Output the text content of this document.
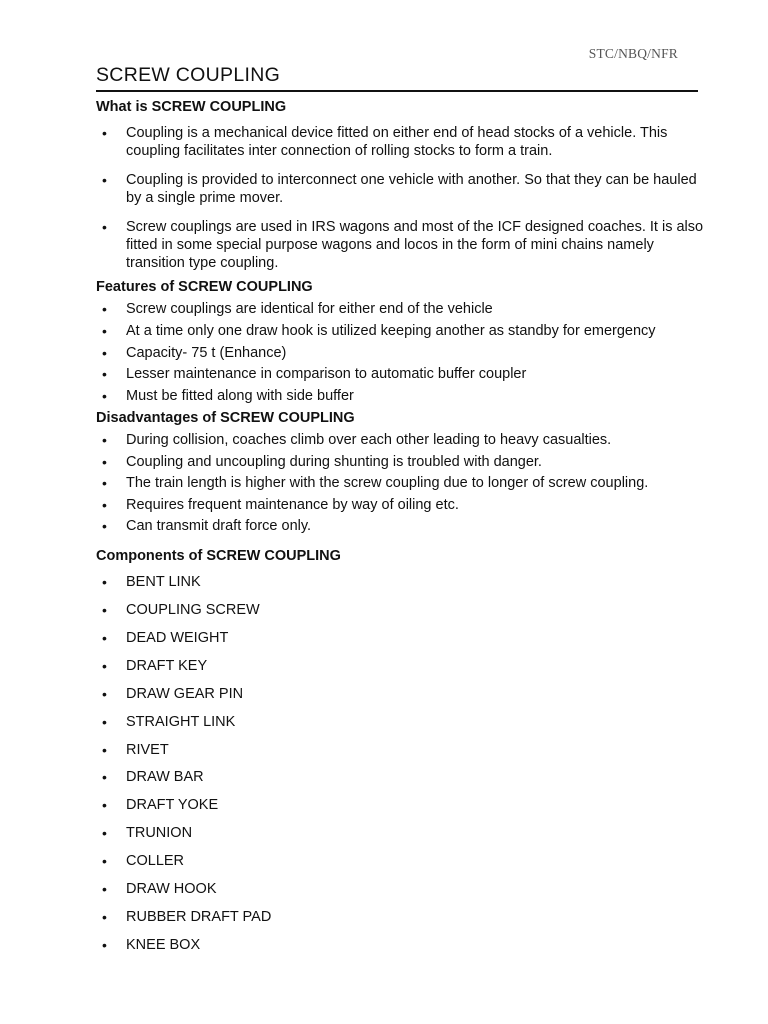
STC/NBQ/NFR
SCREW COUPLING
What is SCREW COUPLING
• Coupling is a mechanical device fitted on either end of head stocks of a vehicle. This coupling facilitates inter connection of rolling stocks to form a train.
• Coupling is provided to interconnect one vehicle with another. So that they can be hauled by a single prime mover.
• Screw couplings are used in IRS wagons and most of the ICF designed coaches. It is also fitted in some special purpose wagons and locos in the form of mini chains namely transition type coupling.
Features of SCREW COUPLING
• Screw couplings are identical for either end of the vehicle
• At a time only one draw hook is utilized keeping another as standby for emergency
• Capacity- 75 t (Enhance)
• Lesser maintenance in comparison to automatic buffer coupler
• Must be fitted along with side buffer
Disadvantages of SCREW COUPLING
• During collision, coaches climb over each other leading to heavy casualties.
• Coupling and uncoupling during shunting is troubled with danger.
• The train length is higher with the screw coupling due to longer of screw coupling.
• Requires frequent maintenance by way of oiling etc.
• Can transmit draft force only.
Components of SCREW COUPLING
• BENT LINK
• COUPLING SCREW
• DEAD WEIGHT
• DRAFT KEY
• DRAW GEAR PIN
• STRAIGHT LINK
• RIVET
• DRAW BAR
• DRAFT YOKE
• TRUNION
• COLLER
• DRAW HOOK
• RUBBER DRAFT PAD
• KNEE BOX
